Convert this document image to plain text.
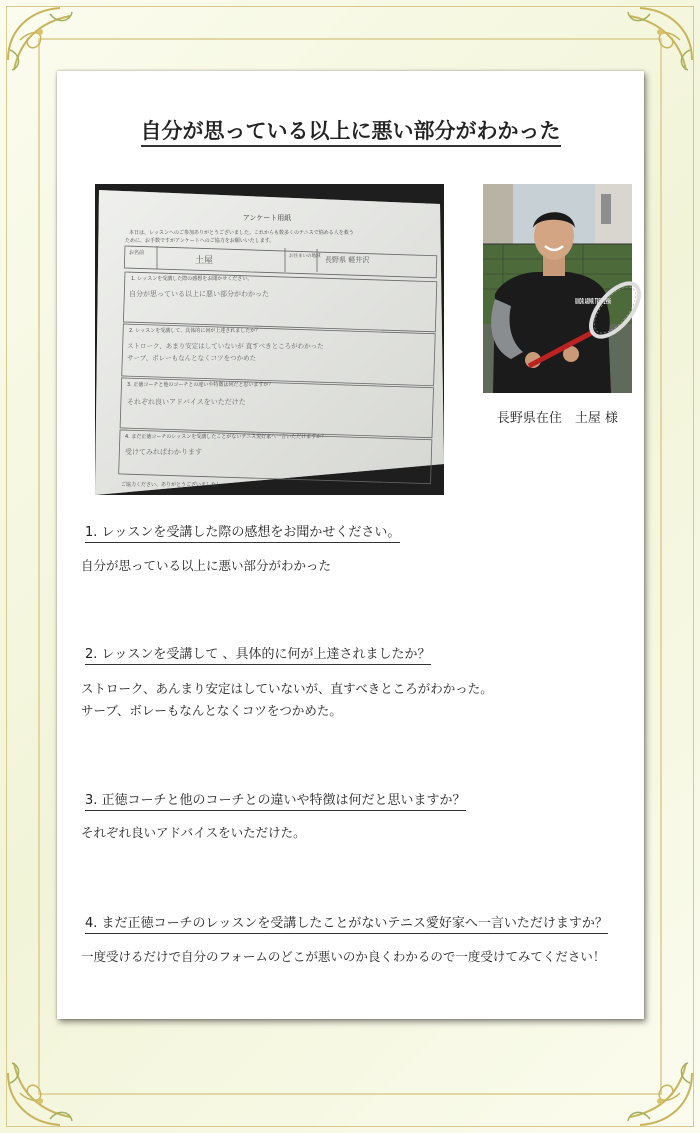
自分が思っている以上に悪い部分がわかった
アンケート用紙
本日は、レッスンへのご参加ありがとうございました。これからも数多くのテニスで悩める人を救う
ために、お手数ですがアンケートへのご協力をお願いいたします。
お名前
土屋	お住まいの地域 長野県 軽井沢
1. レッスンを受講した際の感想をお聞かせください。
自分が思っている以上に悪い部分がわかった
2. レッスンを受講して、具体的に何が上達されましたか？
ストローク、あまり安定はしていないが 直すべきところがわかった
サーブ、ボレーもなんとなくコツをつかめた
3. 正徳コーチと他のコーチとの違いや特徴は何だと思いますか？
それぞれ良いアドバイスをいただけた
4. まだ正徳コーチのレッスンを受講したことがないテニス愛好家へ一言いただけますか？
受けてみればわかります
ご協力ください、ありがとうございました！
UNDR ARMR TRST 1996
長野県在住　土屋 様
1. レッスンを受講した際の感想をお聞かせください。
自分が思っている以上に悪い部分がわかった
2. レッスンを受講して 、具体的に何が上達されましたか？
ストローク、あんまり安定はしていないが、直すべきところがわかった。
サーブ、ボレーもなんとなくコツをつかめた。
3. 正徳コーチと他のコーチとの違いや特徴は何だと思いますか？
それぞれ良いアドバイスをいただけた。
4. まだ正徳コーチのレッスンを受講したことがないテニス愛好家へ一言いただけますか？
一度受けるだけで自分のフォームのどこが悪いのか良くわかるので一度受けてみてください！
